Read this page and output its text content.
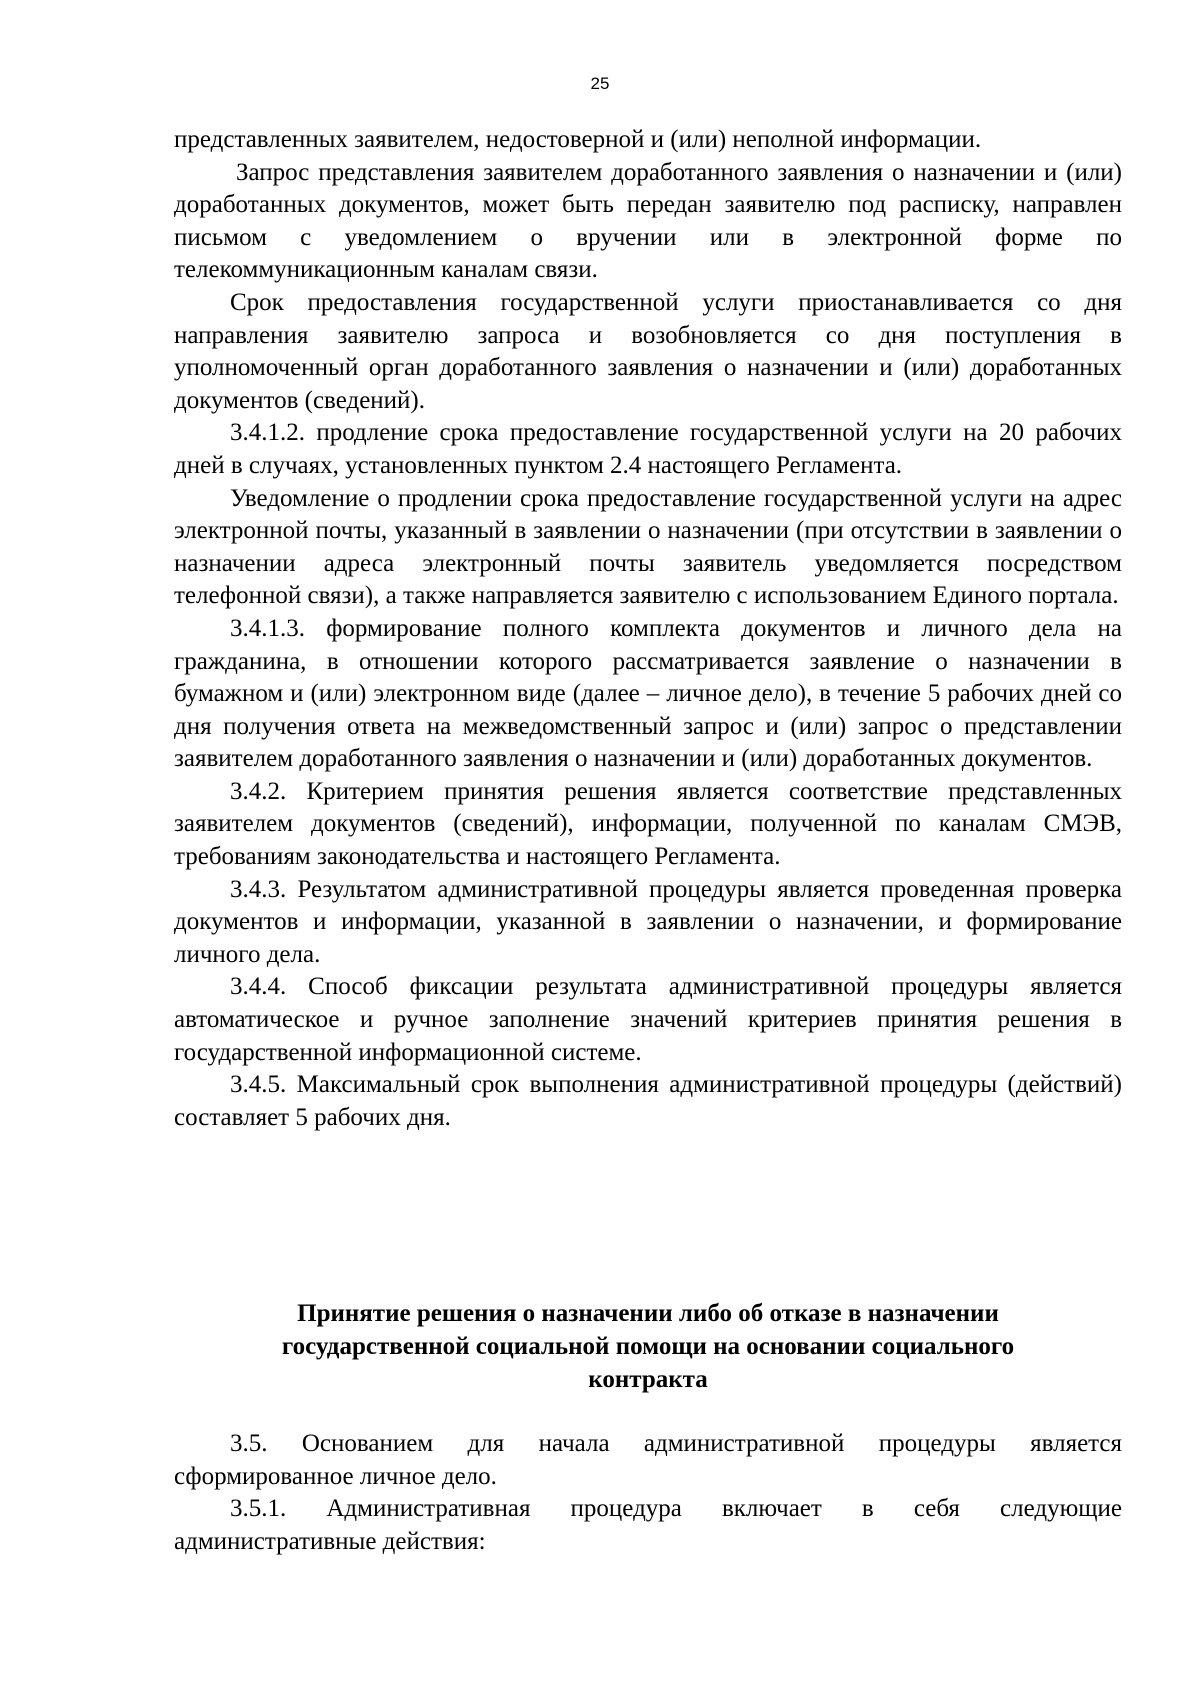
25

представленных заявителем, недостоверной и (или) неполной информации.

Запрос представления заявителем доработанного заявления о назначении и (или) доработанных документов, может быть передан заявителю под расписку, направлен письмом с уведомлением о вручении или в электронной форме по телекоммуникационным каналам связи.

Срок предоставления государственной услуги приостанавливается со дня направления заявителю запроса и возобновляется со дня поступления в уполномоченный орган доработанного заявления о назначении и (или) доработанных документов (сведений).

3.4.1.2. продление срока предоставление государственной услуги на 20 рабочих дней в случаях, установленных пунктом 2.4 настоящего Регламента.

Уведомление о продлении срока предоставление государственной услуги на адрес электронной почты, указанный в заявлении о назначении (при отсутствии в заявлении о назначении адреса электронный почты заявитель уведомляется посредством телефонной связи), а также направляется заявителю с использованием Единого портала.

3.4.1.3. формирование полного комплекта документов и личного дела на гражданина, в отношении которого рассматривается заявление о назначении в бумажном и (или) электронном виде (далее – личное дело), в течение 5 рабочих дней со дня получения ответа на межведомственный запрос и (или) запрос о представлении заявителем доработанного заявления о назначении и (или) доработанных документов.

3.4.2. Критерием принятия решения является соответствие представленных заявителем документов (сведений), информации, полученной по каналам СМЭВ, требованиям законодательства и настоящего Регламента.

3.4.3. Результатом административной процедуры является проведенная проверка документов и информации, указанной в заявлении о назначении, и формирование личного дела.

3.4.4. Способ фиксации результата административной процедуры является автоматическое и ручное заполнение значений критериев принятия решения в государственной информационной системе.

3.4.5. Максимальный срок выполнения административной процедуры (действий) составляет 5 рабочих дня.

Принятие решения о назначении либо об отказе в назначении
государственной социальной помощи на основании социального
контракта

3.5. Основанием для начала административной процедуры является сформированное личное дело.

3.5.1. Административная процедура включает в себя следующие административные действия:
